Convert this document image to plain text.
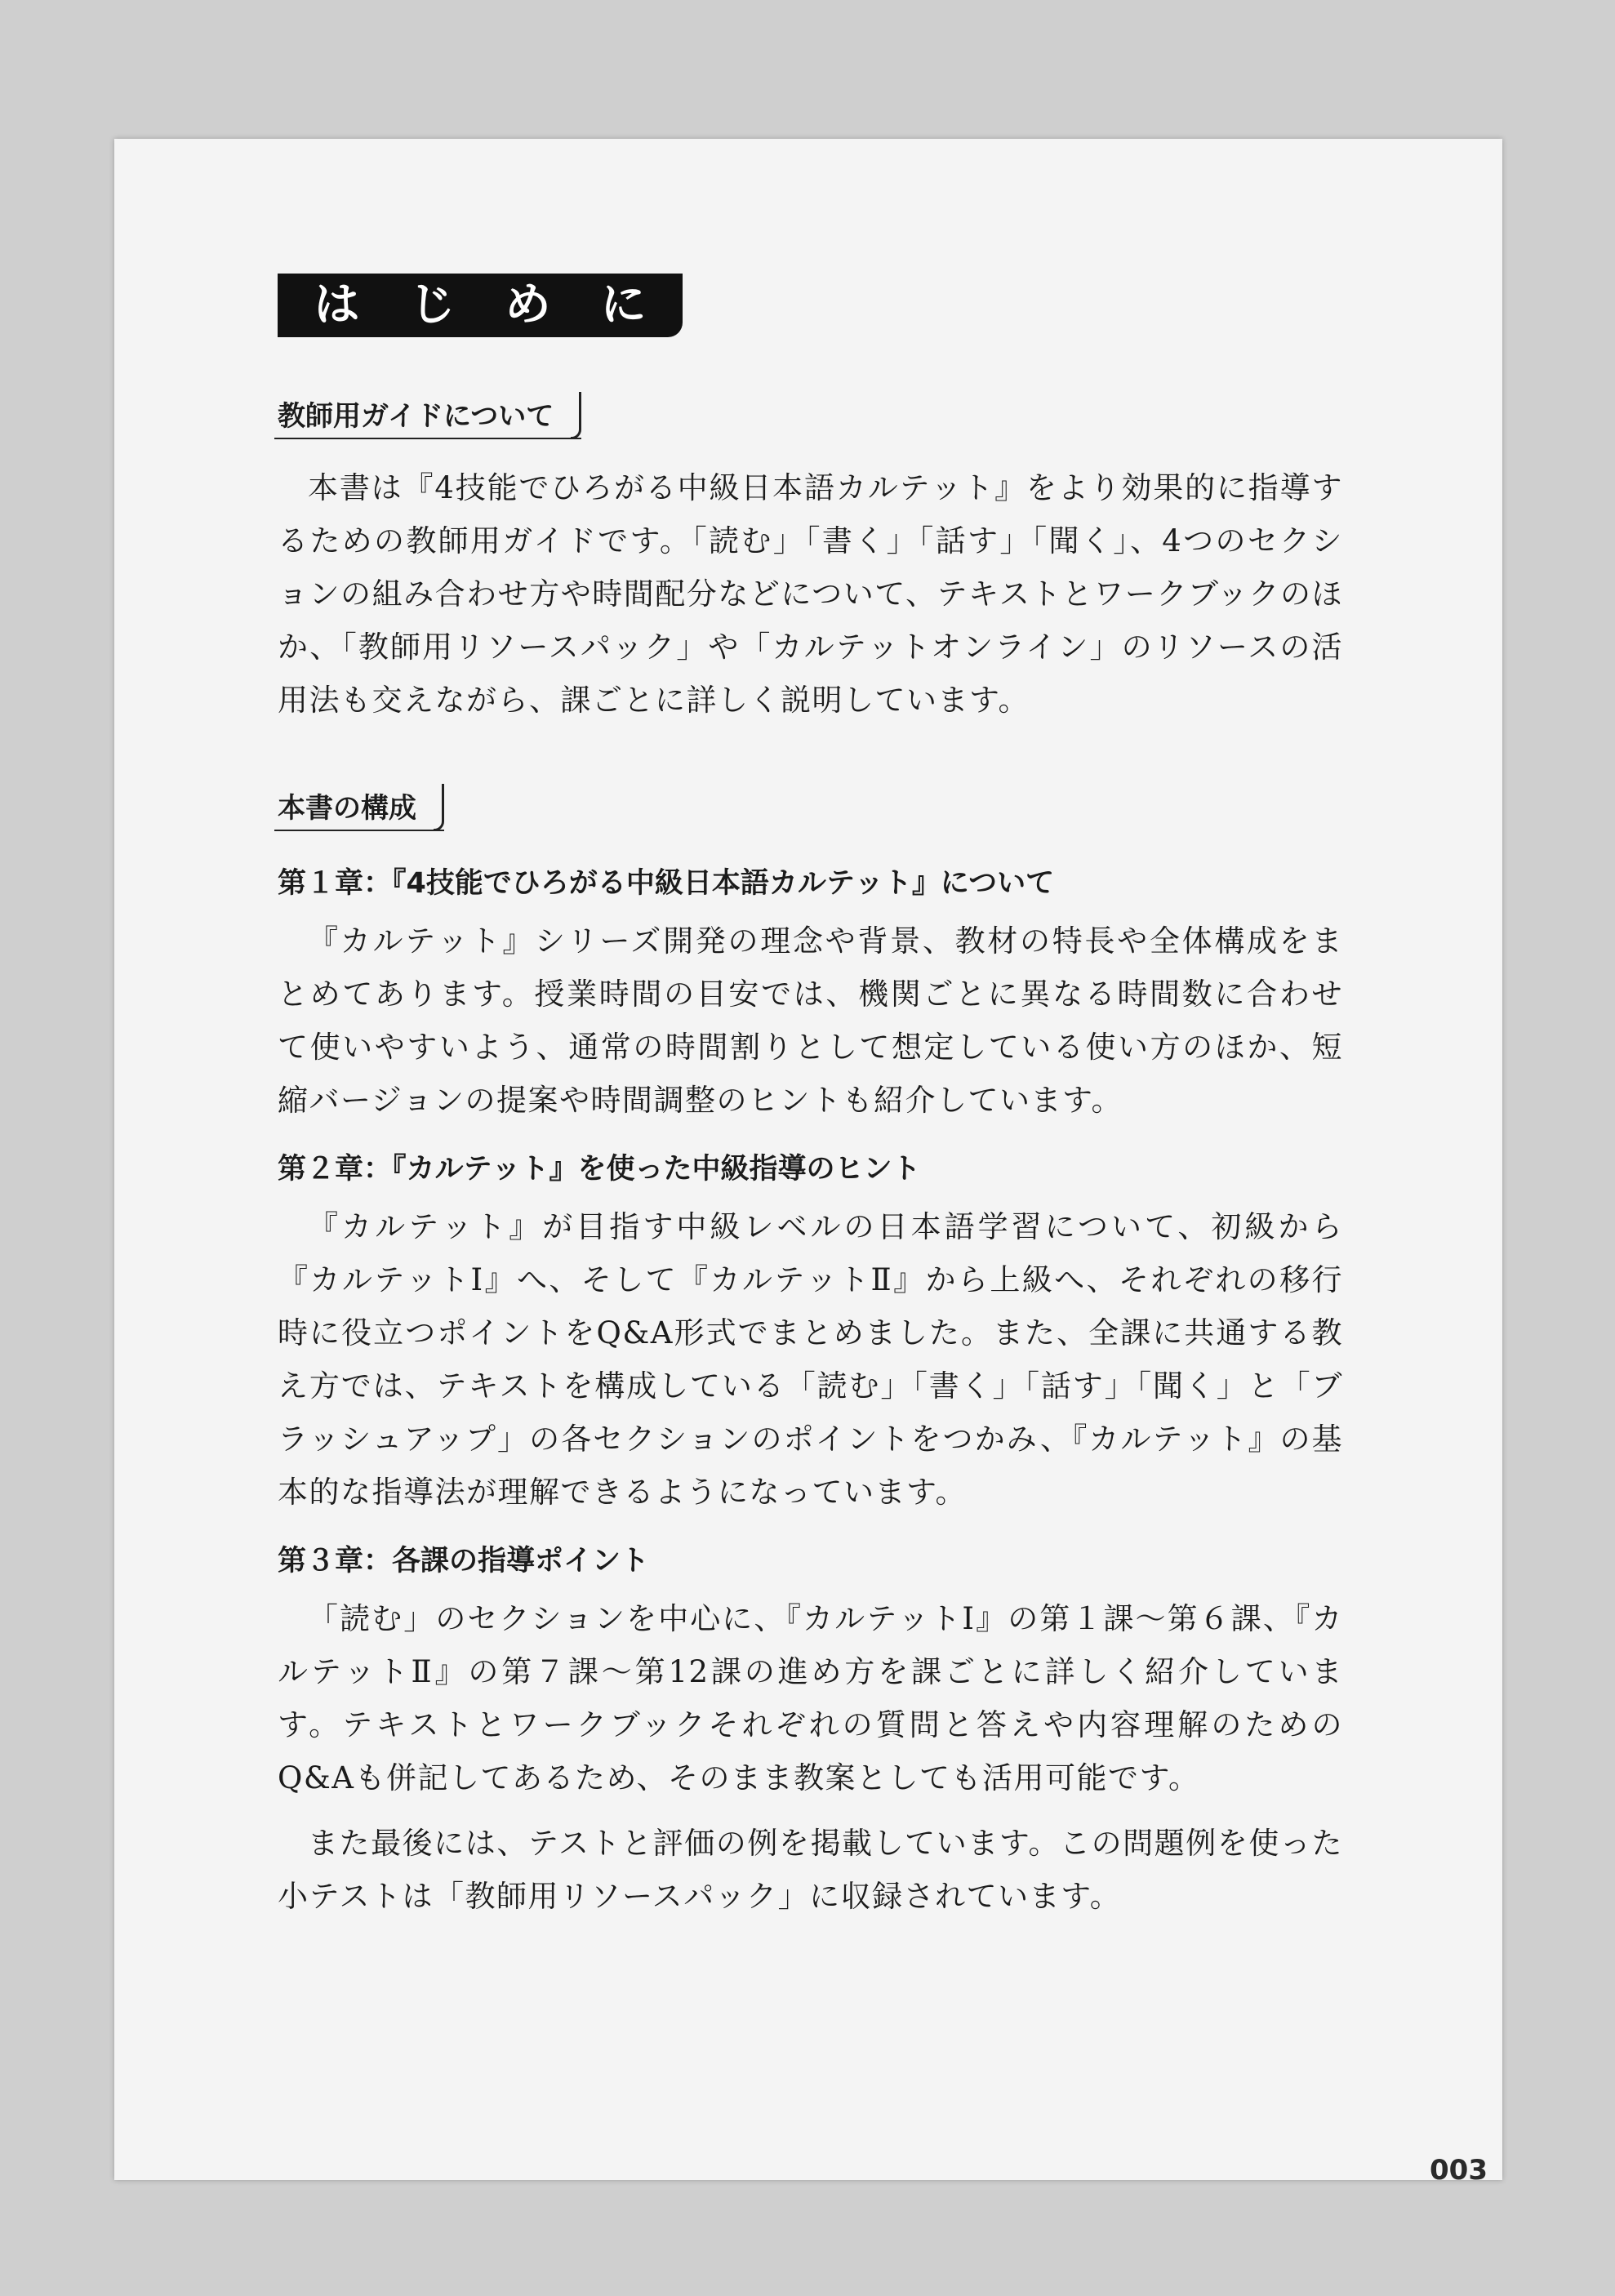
は じ め に
教師用ガイドについて

本書は『4技能でひろがる中級日本語カルテット』をより効果的に指導するための教師用ガイドです。「読む」「書く」「話す」「聞く」、4つのセクションの組み合わせ方や時間配分などについて、テキストとワークブックのほか、「教師用リソースパック」や「カルテットオンライン」のリソースの活用法も交えながら、課ごとに詳しく説明しています。

本書の構成

第１章：『4技能でひろがる中級日本語カルテット』について

『カルテット』シリーズ開発の理念や背景、教材の特長や全体構成をまとめてあります。授業時間の目安では、機関ごとに異なる時間数に合わせて使いやすいよう、通常の時間割りとして想定している使い方のほか、短縮バージョンの提案や時間調整のヒントも紹介しています。

第２章：『カルテット』を使った中級指導のヒント

『カルテット』が目指す中級レベルの日本語学習について、初級から『カルテットⅠ』へ、そして『カルテットⅡ』から上級へ、それぞれの移行時に役立つポイントをQ&A形式でまとめました。また、全課に共通する教え方では、テキストを構成している「読む」「書く」「話す」「聞く」と「ブラッシュアップ」の各セクションのポイントをつかみ、『カルテット』の基本的な指導法が理解できるようになっています。

第３章：各課の指導ポイント

「読む」のセクションを中心に、『カルテットⅠ』の第１課〜第６課、『カルテットⅡ』の第７課〜第12課の進め方を課ごとに詳しく紹介しています。テキストとワークブックそれぞれの質問と答えや内容理解のためのQ&Aも併記してあるため、そのまま教案としても活用可能です。

また最後には、テストと評価の例を掲載しています。この問題例を使った小テストは「教師用リソースパック」に収録されています。

003
